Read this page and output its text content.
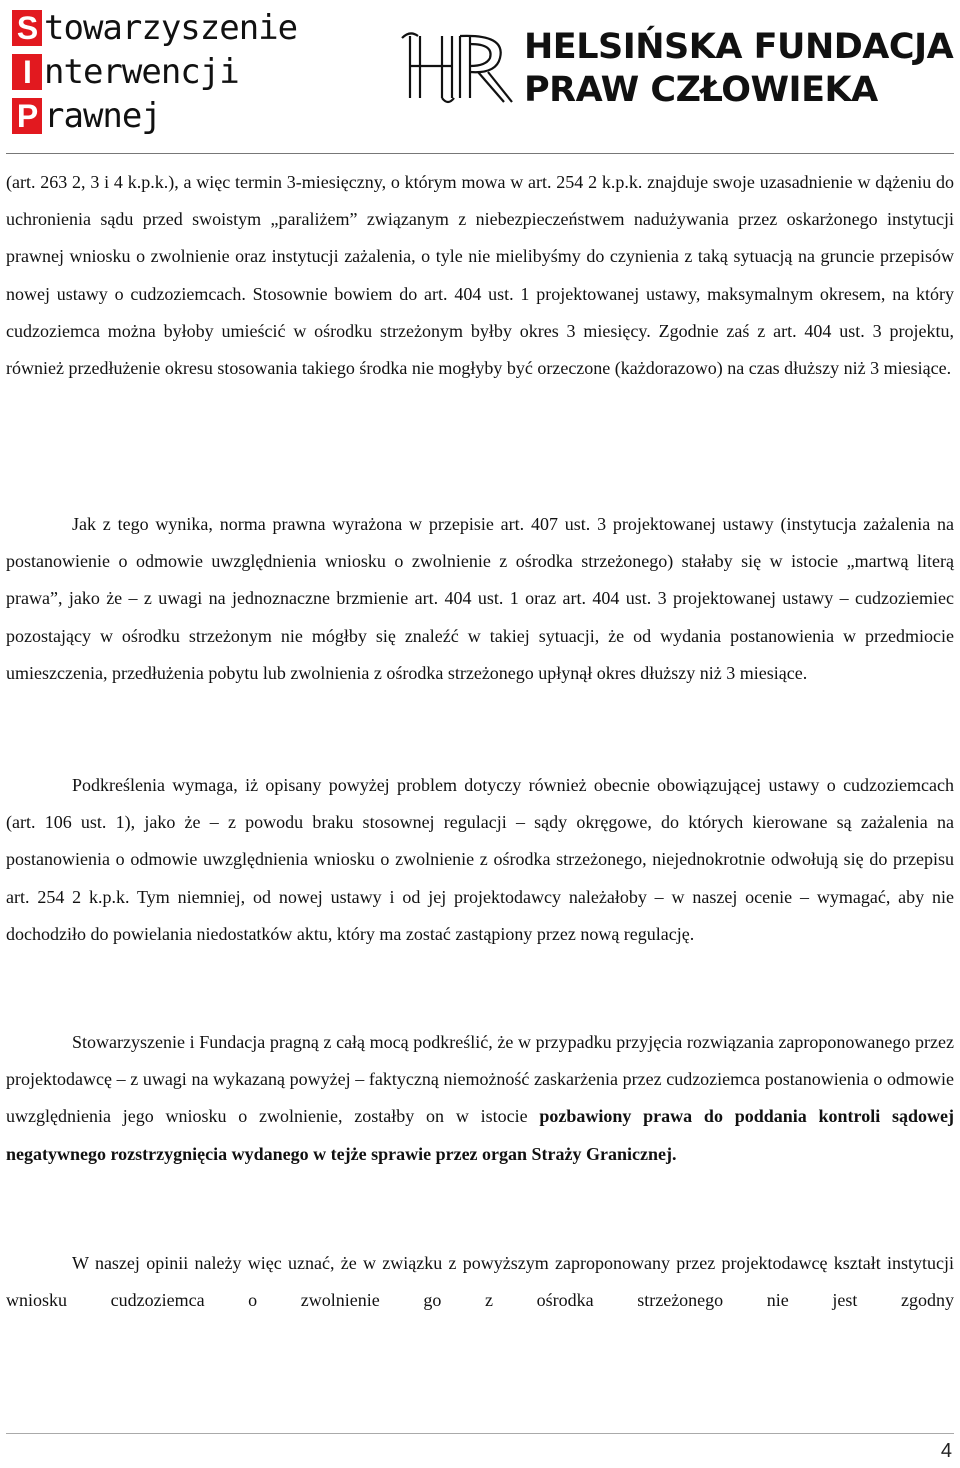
S towarzyszenie
I nterwencji
P rawnej
HELSIŃSKA FUNDACJA
PRAW CZŁOWIEKA

(art. 263 2, 3 i 4 k.p.k.), a więc termin 3-miesięczny, o którym mowa w art. 254 2 k.p.k. znajduje swoje uzasadnienie w dążeniu do uchronienia sądu przed swoistym „paraliżem” związanym z niebezpieczeństwem nadużywania przez oskarżonego instytucji prawnej wniosku o zwolnienie oraz instytucji zażalenia, o tyle nie mielibyśmy do czynienia z taką sytuacją na gruncie przepisów nowej ustawy o cudzoziemcach. Stosownie bowiem do art. 404 ust. 1 projektowanej ustawy, maksymalnym okresem, na który cudzoziemca można byłoby umieścić w ośrodku strzeżonym byłby okres 3 miesięcy. Zgodnie zaś z art. 404 ust. 3 projektu, również przedłużenie okresu stosowania takiego środka nie mogłyby być orzeczone (każdorazowo) na czas dłuższy niż 3 miesiące.

Jak z tego wynika, norma prawna wyrażona w przepisie art. 407 ust. 3 projektowanej ustawy (instytucja zażalenia na postanowienie o odmowie uwzględnienia wniosku o zwolnienie z ośrodka strzeżonego) stałaby się w istocie „martwą literą prawa”, jako że – z uwagi na jednoznaczne brzmienie art. 404 ust. 1 oraz art. 404 ust. 3 projektowanej ustawy – cudzoziemiec pozostający w ośrodku strzeżonym nie mógłby się znaleźć w takiej sytuacji, że od wydania postanowienia w przedmiocie umieszczenia, przedłużenia pobytu lub zwolnienia z ośrodka strzeżonego upłynął okres dłuższy niż 3 miesiące.

Podkreślenia wymaga, iż opisany powyżej problem dotyczy również obecnie obowiązującej ustawy o cudzoziemcach (art. 106 ust. 1), jako że – z powodu braku stosownej regulacji – sądy okręgowe, do których kierowane są zażalenia na postanowienia o odmowie uwzględnienia wniosku o zwolnienie z ośrodka strzeżonego, niejednokrotnie odwołują się do przepisu art. 254 2 k.p.k. Tym niemniej, od nowej ustawy i od jej projektodawcy należałoby – w naszej ocenie – wymagać, aby nie dochodziło do powielania niedostatków aktu, który ma zostać zastąpiony przez nową regulację.

Stowarzyszenie i Fundacja pragną z całą mocą podkreślić, że w przypadku przyjęcia rozwiązania zaproponowanego przez projektodawcę – z uwagi na wykazaną powyżej – faktyczną niemożność zaskarżenia przez cudzoziemca postanowienia o odmowie uwzględnienia jego wniosku o zwolnienie, zostałby on w istocie pozbawiony prawa do poddania kontroli sądowej negatywnego rozstrzygnięcia wydanego w tejże sprawie przez organ Straży Granicznej.

W naszej opinii należy więc uznać, że w związku z powyższym zaproponowany przez projektodawcę kształt instytucji wniosku cudzoziemca o zwolnienie go z ośrodka strzeżonego nie jest zgodny

4
